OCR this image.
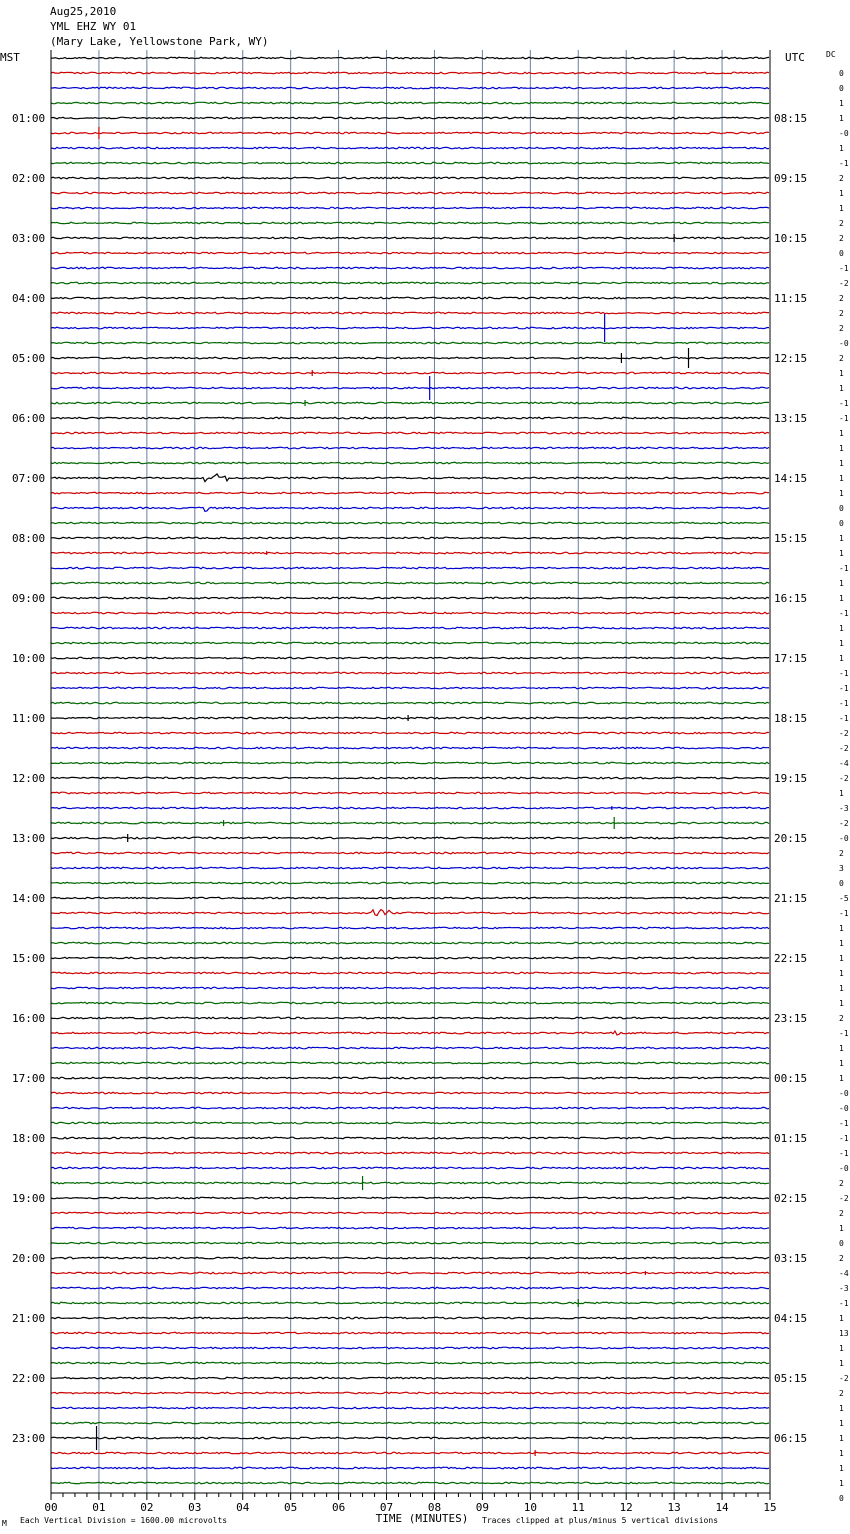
Aug25,2010
YML EHZ WY 01
(Mary Lake, Yellowstone Park, WY)
0
0
1
1
-0
1
-1
2
1
1
2
2
0
-1
-2
2
2
2
-0
2
1
1
-1
-1
1
1
1
1
1
0
0
1
1
-1
1
1
-1
1
1
1
-1
-1
-1
-1
-2
-2
-4
-2
1
-3
-2
-0
2
3
0
-5
-1
1
1
1
1
1
1
2
-1
1
1
1
-0
-0
-1
-1
-1
-0
2
-2
2
1
0
2
-4
-3
-1
1
13
1
1
-2
2
1
1
1
1
1
1
0
01:00
02:00
03:00
04:00
05:00
06:00
07:00
08:00
09:00
10:00
11:00
12:00
13:00
14:00
15:00
16:00
17:00
18:00
19:00
20:00
21:00
22:00
23:00
08:15
09:15
10:15
11:15
12:15
13:15
14:15
15:15
16:15
17:15
18:15
19:15
20:15
21:15
22:15
23:15
00:15
01:15
02:15
03:15
04:15
05:15
06:15
MST	UTC	DC
00	01	02	03	04	05	06	07	08	09	10	11	12	13	14	15
TIME (MINUTES)
Each Vertical Division = 1600.00 microvolts	Traces clipped at plus/minus 5 vertical divisions
M
